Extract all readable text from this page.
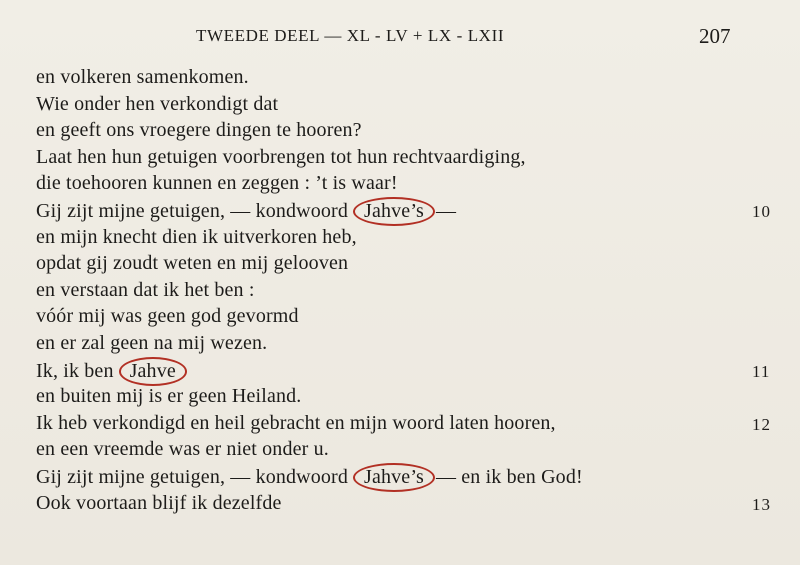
TWEEDE DEEL — XL - LV + LX - LXII	207
en volkeren samenkomen.
Wie onder hen verkondigt dat
en geeft ons vroegere dingen te hooren?
Laat hen hun getuigen voorbrengen tot hun rechtvaardiging,
die toehooren kunnen en zeggen : ’t is waar!
Gij zijt mijne getuigen, — kondwoord Jahve’s —	10
en mijn knecht dien ik uitverkoren heb,
opdat gij zoudt weten en mij gelooven
en verstaan dat ik het ben :
vóór mij was geen god gevormd
en er zal geen na mij wezen.
Ik, ik ben Jahve	11
en buiten mij is er geen Heiland.
Ik heb verkondigd en heil gebracht en mijn woord laten hooren,	12
en een vreemde was er niet onder u.
Gij zijt mijne getuigen, — kondwoord Jahve’s — en ik ben God!
Ook voortaan blijf ik dezelfde	13
